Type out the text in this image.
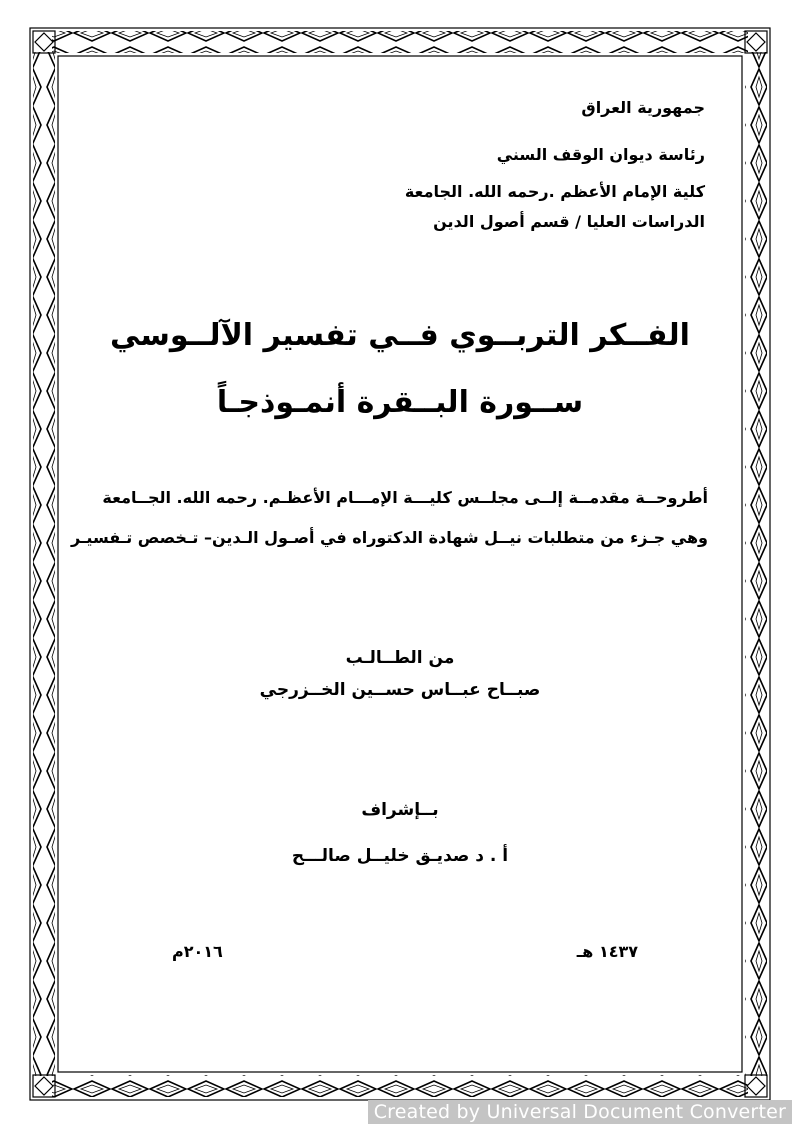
جمهورية العراق
رئاسة ديوان الوقف السني
كلية الإمام الأعظم .رحمه الله. الجامعة
الدراسات العليا / قسم أصول الدين
الفــكر التربــوي فــي تفسير الآلــوسي
ســورة البــقرة أنمـوذجـاً
أطروحــة مقدمــة إلــى مجلــس كليـــة الإمـــام الأعظـم. رحمه الله. الجــامعة
وهي جـزء من متطلبات نيــل شهادة الدكتوراه في أصـول الـدين– تـخصص تـفسيـر
من الطــالـب
صبــاح عبــاس حســين الخــزرجي
بــإشراف
أ . د صديـق خليــل صالـــح
١٤٣٧ هـ
٢٠١٦م
Created by Universal Document Converter
